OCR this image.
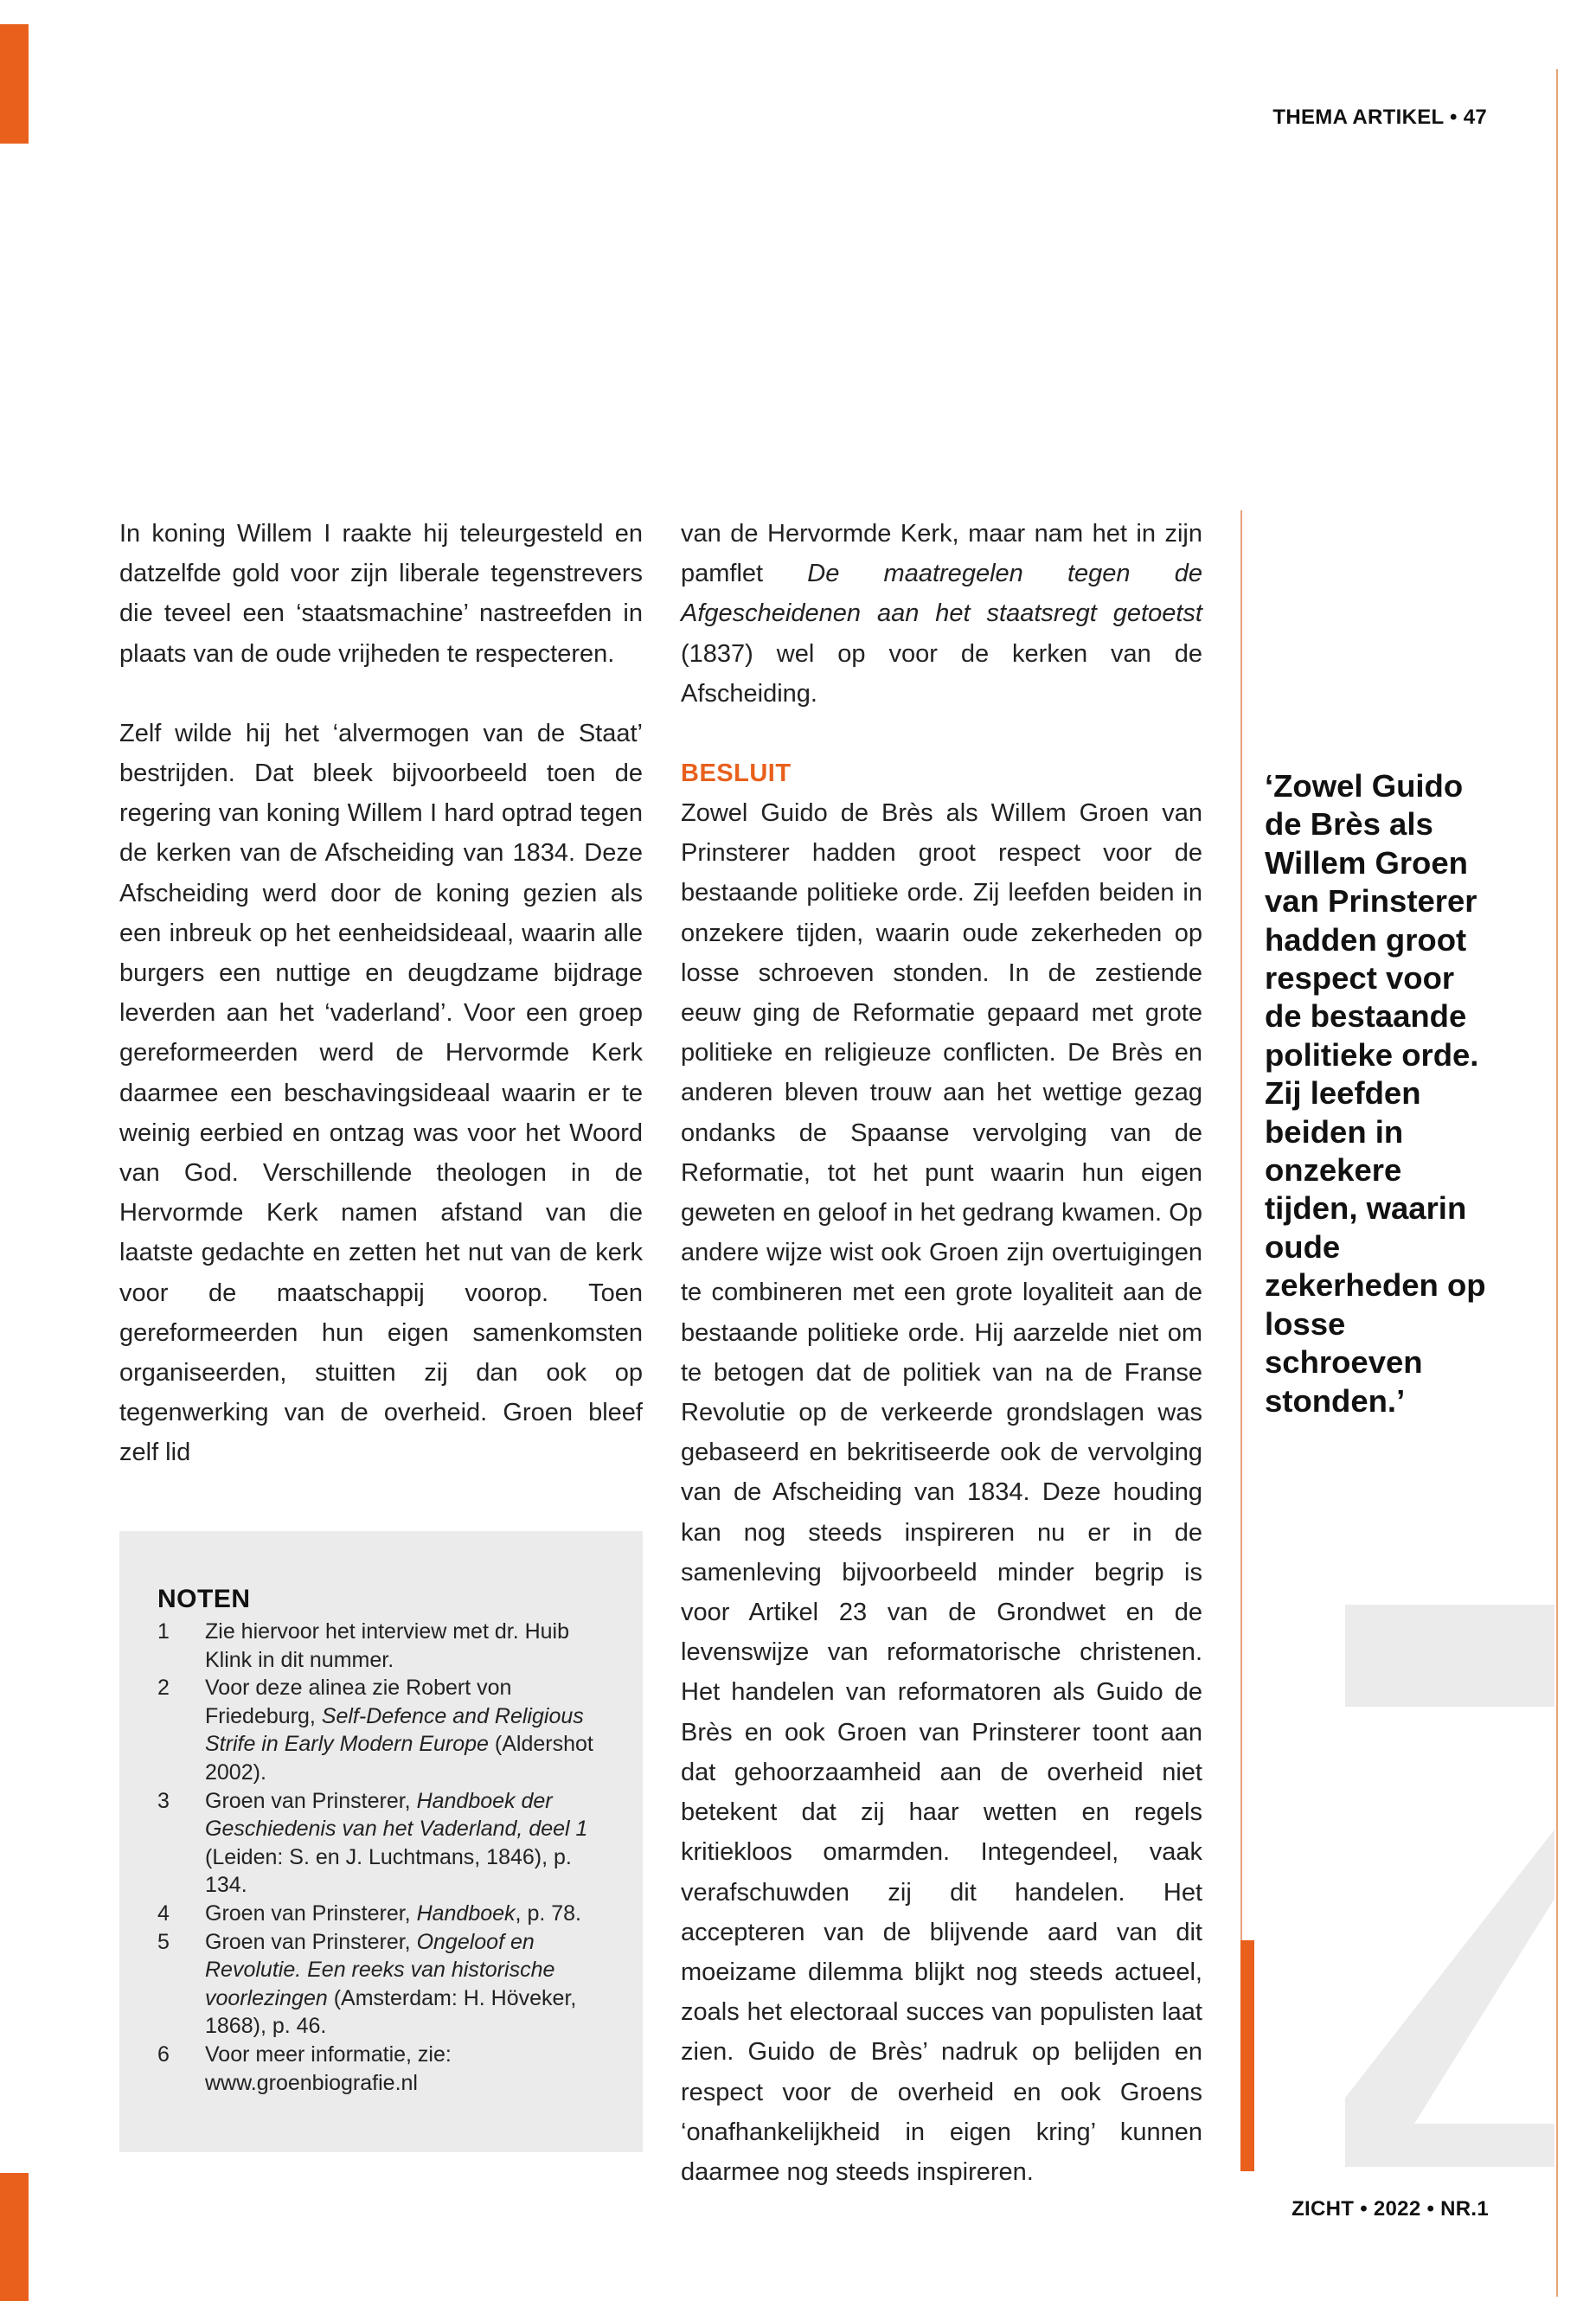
THEMA ARTIKEL • 47

In koning Willem I raakte hij teleurgesteld en datzelfde gold voor zijn liberale tegenstrevers die teveel een ‘staatsmachine’ nastreefden in plaats van de oude vrijheden te respecteren.

Zelf wilde hij het ‘alvermogen van de Staat’ bestrijden. Dat bleek bijvoorbeeld toen de regering van koning Willem I hard optrad tegen de kerken van de Afscheiding van 1834. Deze Afscheiding werd door de koning gezien als een inbreuk op het eenheidsideaal, waarin alle burgers een nuttige en deugdzame bijdrage leverden aan het ‘vaderland’. Voor een groep gereformeerden werd de Hervormde Kerk daarmee een beschavingsideaal waarin er te weinig eerbied en ontzag was voor het Woord van God. Verschillende theologen in de Hervormde Kerk namen afstand van die laatste gedachte en zetten het nut van de kerk voor de maatschappij voorop. Toen gereformeerden hun eigen samenkomsten organiseerden, stuitten zij dan ook op tegenwerking van de overheid. Groen bleef zelf lid

van de Hervormde Kerk, maar nam het in zijn pamflet De maatregelen tegen de Afgescheidenen aan het staatsregt getoetst (1837) wel op voor de kerken van de Afscheiding.

BESLUIT

Zowel Guido de Brès als Willem Groen van Prinsterer hadden groot respect voor de bestaande politieke orde. Zij leefden beiden in onzekere tijden, waarin oude zekerheden op losse schroeven stonden. In de zestiende eeuw ging de Reformatie gepaard met grote politieke en religieuze conflicten. De Brès en anderen bleven trouw aan het wettige gezag ondanks de Spaanse vervolging van de Reformatie, tot het punt waarin hun eigen geweten en geloof in het gedrang kwamen. Op andere wijze wist ook Groen zijn overtuigingen te combineren met een grote loyaliteit aan de bestaande politieke orde. Hij aarzelde niet om te betogen dat de politiek van na de Franse Revolutie op de verkeerde grondslagen was gebaseerd en bekritiseerde ook de vervolging van de Afscheiding van 1834. Deze houding kan nog steeds inspireren nu er in de samenleving bijvoorbeeld minder begrip is voor Artikel 23 van de Grondwet en de levenswijze van reformatorische christenen. Het handelen van reformatoren als Guido de Brès en ook Groen van Prinsterer toont aan dat gehoorzaamheid aan de overheid niet betekent dat zij haar wetten en regels kritiekloos omarmden. Integendeel, vaak verafschuwden zij dit handelen. Het accepteren van de blijvende aard van dit moeizame dilemma blijkt nog steeds actueel, zoals het electoraal succes van populisten laat zien. Guido de Brès’ nadruk op belijden en respect voor de overheid en ook Groens ‘onafhankelijkheid in eigen kring’ kunnen daarmee nog steeds inspireren.

‘Zowel Guido de Brès als Willem Groen van Prinsterer hadden groot respect voor de bestaande politieke orde. Zij leefden beiden in onzekere tijden, waarin oude zekerheden op losse schroeven stonden.’
NOTEN
1	Zie hiervoor het interview met dr. Huib Klink in dit nummer.
2	Voor deze alinea zie Robert von Friedeburg, Self-Defence and Religious Strife in Early Modern Europe (Aldershot 2002).
3	Groen van Prinsterer, Handboek der Geschiedenis van het Vaderland, deel 1 (Leiden: S. en J. Luchtmans, 1846), p. 134.
4	Groen van Prinsterer, Handboek, p. 78.
5	Groen van Prinsterer, Ongeloof en Revolutie. Een reeks van historische voorlezingen (Amsterdam: H. Höveker, 1868), p. 46.
6	Voor meer informatie, zie: www.groenbiografie.nl
ZICHT • 2022 • NR.1
